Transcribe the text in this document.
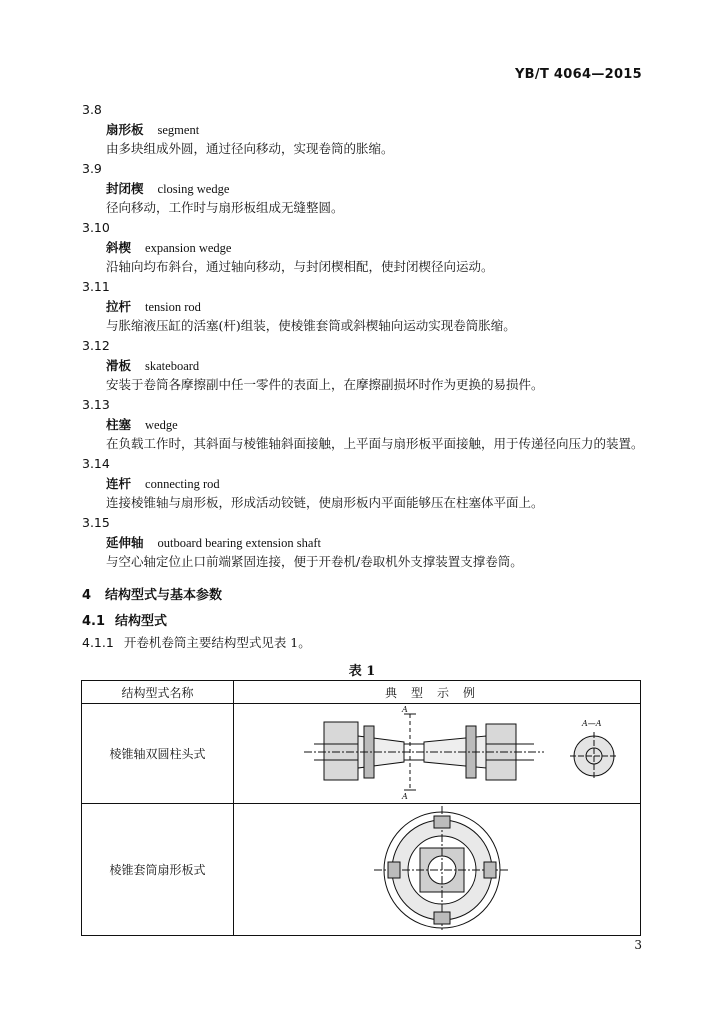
YB/T 4064—2015
3.8
扇形板 segment
由多块组成外圆，通过径向移动，实现卷筒的胀缩。
3.9
封闭楔 closing wedge
径向移动，工作时与扇形板组成无缝整圆。
3.10
斜楔 expansion wedge
沿轴向均布斜台，通过轴向移动，与封闭楔相配，使封闭楔径向运动。
3.11
拉杆 tension rod
与胀缩液压缸的活塞(杆)组装，使棱锥套筒或斜楔轴向运动实现卷筒胀缩。
3.12
滑板 skateboard
安装于卷筒各摩擦副中任一零件的表面上，在摩擦副损坏时作为更换的易损件。
3.13
柱塞 wedge
在负载工作时，其斜面与棱锥轴斜面接触，上平面与扇形板平面接触，用于传递径向压力的装置。
3.14
连杆 connecting rod
连接棱锥轴与扇形板，形成活动铰链，使扇形板内平面能够压在柱塞体平面上。
3.15
延伸轴 outboard bearing extension shaft
与空心轴定位止口前端紧固连接，便于开卷机/卷取机外支撑装置支撑卷筒。
4 结构型式与基本参数
4.1 结构型式
4.1.1 开卷机卷筒主要结构型式见表 1。
表 1
结构型式名称	典型示例
棱锥轴双圆柱头式	A
A
A—A

棱锥套筒扇形板式	
3
